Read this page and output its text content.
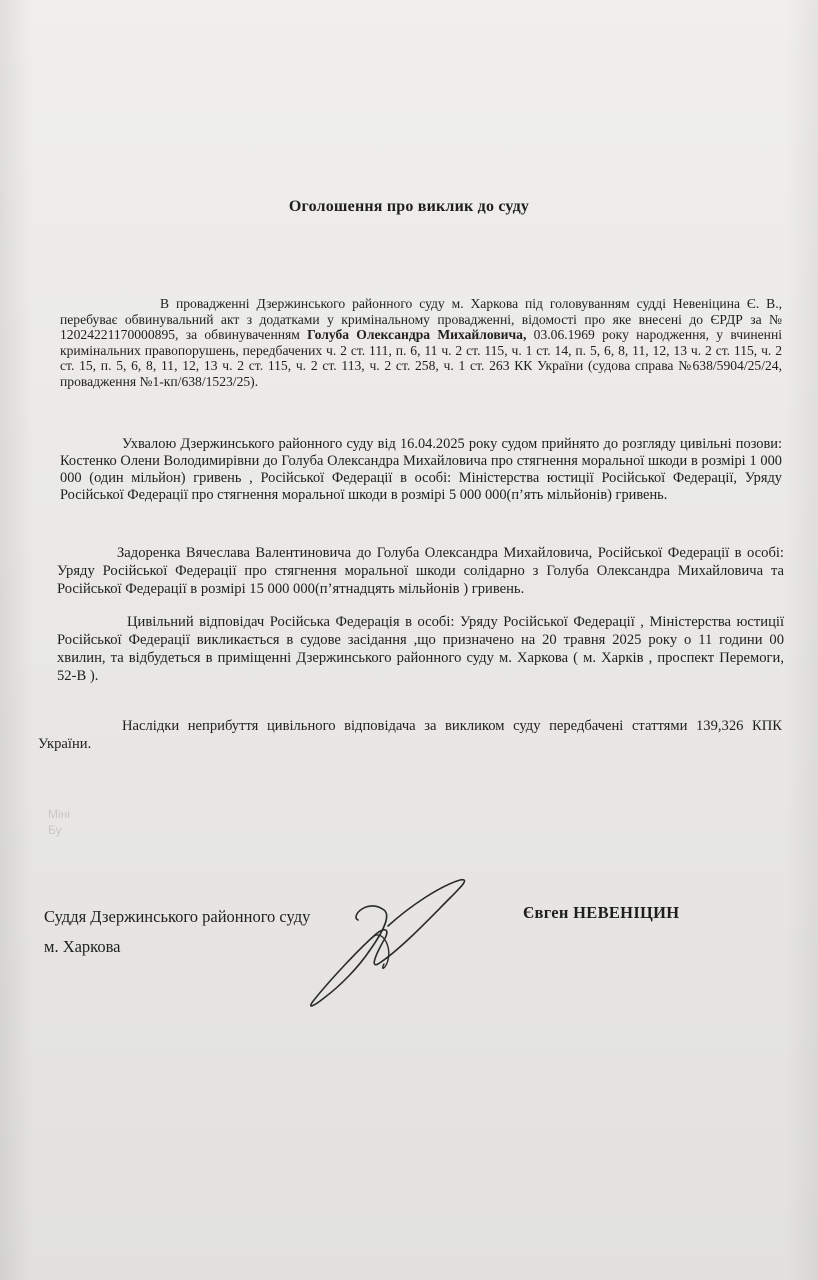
Оголошення про виклик до суду
В провадженні Дзержинського районного суду м. Харкова під головуванням судді Невеніцина Є. В., перебуває обвинувальний акт з додатками у кримінальному провадженні, відомості про яке внесені до ЄРДР за № 12024221170000895, за обвинуваченням Голуба Олександра Михайловича, 03.06.1969 року народження, у вчиненні кримінальних правопорушень, передбачених ч. 2 ст. 111, п. 6, 11 ч. 2 ст. 115, ч. 1 ст. 14, п. 5, 6, 8, 11, 12, 13 ч. 2 ст. 115, ч. 2 ст. 15, п. 5, 6, 8, 11, 12, 13 ч. 2 ст. 115, ч. 2 ст. 113, ч. 2 ст. 258, ч. 1 ст. 263 КК України (судова справа №638/5904/25/24, провадження №1-кп/638/1523/25).
Ухвалою Дзержинського районного суду від 16.04.2025 року судом прийнято до розгляду цивільні позови: Костенко Олени Володимирівни до Голуба Олександра Михайловича про стягнення моральної шкоди в розмірі 1 000 000 (один мільйон) гривень , Російської Федерації в особі: Міністерства юстиції Російської Федерації, Уряду Російської Федерації про стягнення моральної шкоди в розмірі 5 000 000(п’ять мільйонів) гривень.
Задоренка Вячеслава Валентиновича до Голуба Олександра Михайловича, Російської Федерації в особі: Уряду Російської Федерації про стягнення моральної шкоди солідарно з Голуба Олександра Михайловича та Російської Федерації в розмірі 15 000 000(п’ятнадцять мільйонів ) гривень.
Цивільний відповідач Російська Федерація в особі: Уряду Російської Федерації , Міністерства юстиції Російської Федерації викликається в судове засідання ,що призначено на 20 травня 2025 року о 11 години 00 хвилин, та відбудеться в приміщенні Дзержинського районного суду м. Харкова ( м. Харків , проспект Перемоги, 52-В ).
Наслідки неприбуття цивільного відповідача за викликом суду передбачені статтями 139,326 КПК України.
Міні
Бу
Суддя Дзержинського районного суду
м. Харкова
Євген НЕВЕНІЦИН
